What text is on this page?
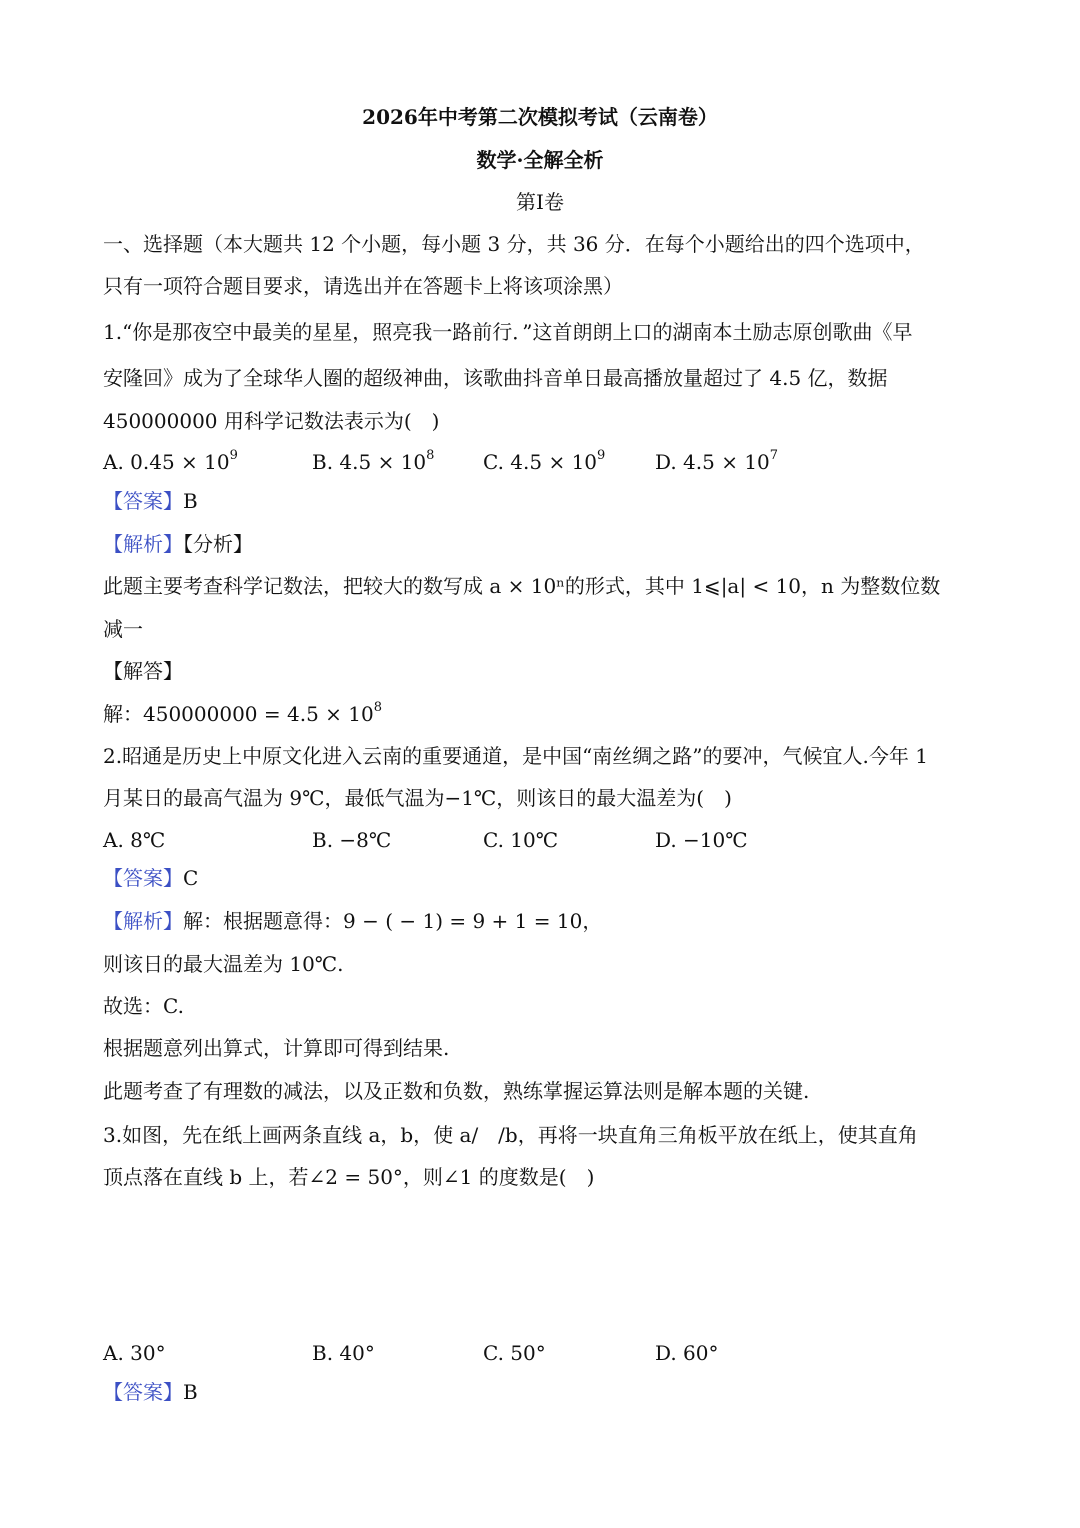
2026年中考第二次模拟考试（云南卷）
数学·全解全析
第Ⅰ卷
一、选择题（本大题共 12 个小题，每小题 3 分，共 36 分．在每个小题给出的四个选项中，
只有一项符合题目要求，请选出并在答题卡上将该项涂黑）
1.“你是那夜空中最美的星星，照亮我一路前行．”这首朗朗上口的湖南本土励志原创歌曲《早
安隆回》成为了全球华人圈的超级神曲，该歌曲抖音单日最高播放量超过了 4.5 亿，数据
450000000 用科学记数法表示为(　)
A. $0.45 \times 10^9$	B. $4.5 \times 10^8$ C. $4.5 \times 10^9$ D. $4.5 \times 10^7$
【答案】B
【解析】【分析】
此题主要考查科学记数法，把较大的数写成 a × 10ⁿ的形式，其中 1⩽|a| < 10，n 为整数位数
减一
【解答】
解：$450000000 = 4.5 \times 10^8$
2.昭通是历史上中原文化进入云南的重要通道，是中国“南丝绸之路”的要冲，气候宜人.今年 1
月某日的最高气温为 9℃，最低气温为−1℃，则该日的最大温差为(　)
A. 8℃	B. −8℃	C. 10℃	D. −10℃
【答案】C
【解析】解：根据题意得：9 − ( − 1) = 9 + 1 = 10，
则该日的最大温差为 10℃.
故选：C.
根据题意列出算式，计算即可得到结果.
此题考查了有理数的减法，以及正数和负数，熟练掌握运算法则是解本题的关键.
3.如图，先在纸上画两条直线 a，b，使 a/　/b，再将一块直角三角板平放在纸上，使其直角
顶点落在直线 b 上，若∠2 = 50°，则∠1 的度数是(　)
A. 30°	B. 40°	C. 50°	D. 60°
【答案】B
